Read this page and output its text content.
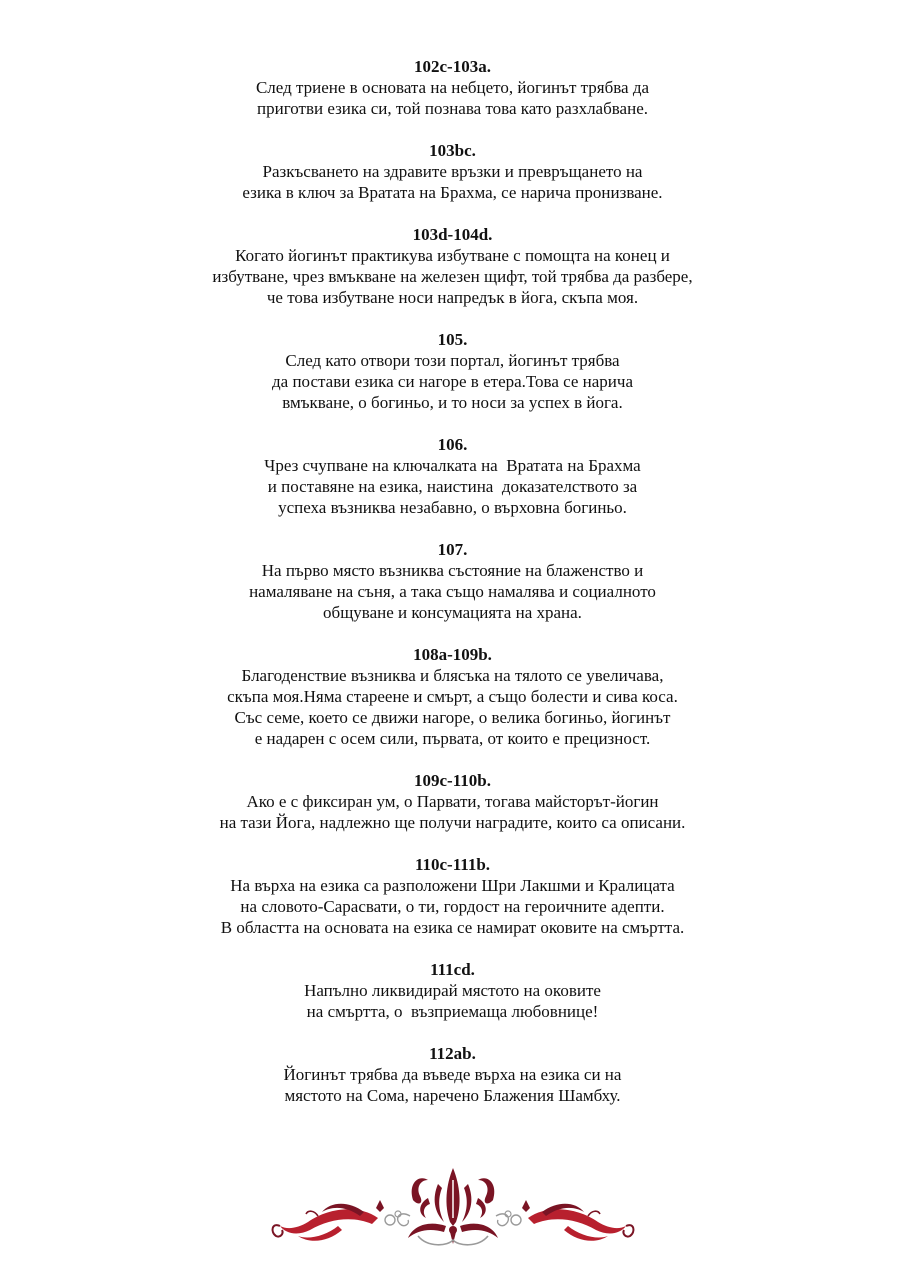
102c-103a.

След триене в основата на небцето, йогинът трябва да

приготви езика си, той познава това като разхлабване.

103bc.

Разкъсването на здравите връзки и превръщането на

езика в ключ за Вратата на Брахма, се нарича пронизване.

103d-104d.

Когато йогинът практикува избутване с помощта на конец и

избутване, чрез вмъкване на железен щифт, той трябва да разбере,

че това избутване носи напредък в йога, скъпа моя.

105.

След като отвори този портал, йогинът трябва

да постави езика си нагоре в етера.Това се нарича

вмъкване, о богиньо, и то носи за успех в йога.

106.

Чрез счупване на ключалката на  Вратата на Брахма

и поставяне на езика, наистина  доказателството за

успеха възниква незабавно, о върховна богиньо.

107.

На първо място възниква състояние на блаженство и

намаляване на съня, а така също намалява и социалното

общуване и консумацията на храна.

108a-109b.

Благоденствие възниква и блясъка на тялото се увеличава,

скъпа моя.Няма стареене и смърт, а също болести и сива коса.

Със семе, което се движи нагоре, о велика богиньо, йогинът

е надарен с осем сили, първата, от които е прецизност.

109c-110b.

Ако е с фиксиран ум, о Парвати, тогава майсторът-йогин

на тази Йога, надлежно ще получи наградите, които са описани.

110c-111b.

На върха на езика са разположени Шри Лакшми и Кралицата

на словото-Сарасвати, о ти, гордост на героичните адепти.

В областта на основата на езика се намират оковите на смъртта.

111cd.

Напълно ликвидирай мястото на оковите

на смъртта, о  възприемаща любовнице!

112ab.

Йогинът трябва да въведе върха на езика си на

мястото на Сома, наречено Блажения Шамбху.
